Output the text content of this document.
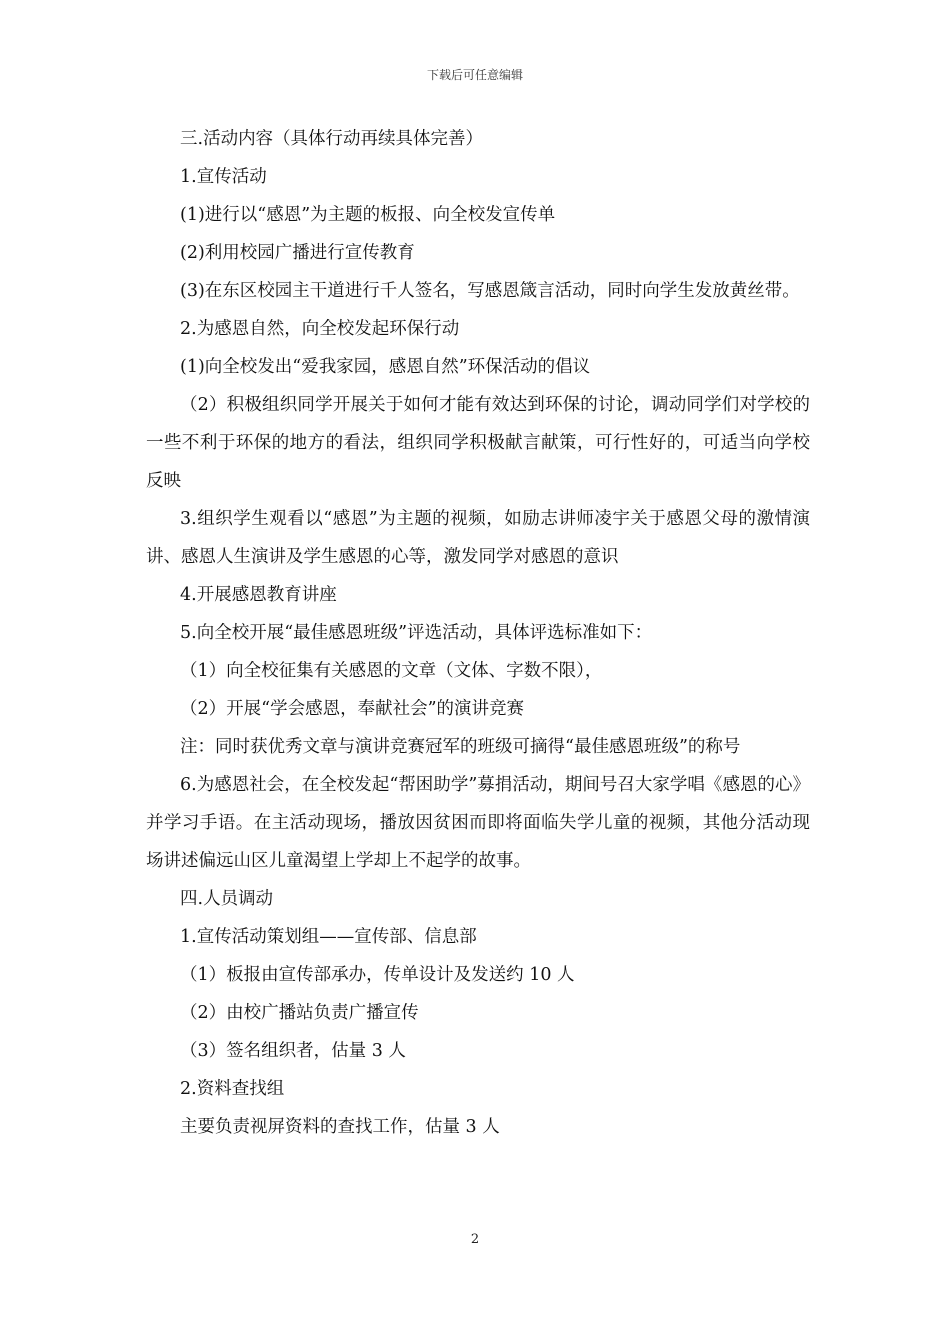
下载后可任意编辑

三.活动内容（具体行动再续具体完善）

1.宣传活动

(1)进行以“感恩”为主题的板报、向全校发宣传单

(2)利用校园广播进行宣传教育

(3)在东区校园主干道进行千人签名，写感恩箴言活动，同时向学生发放黄丝带。

2.为感恩自然，向全校发起环保行动

(1)向全校发出“爱我家园，感恩自然”环保活动的倡议

（2）积极组织同学开展关于如何才能有效达到环保的讨论，调动同学们对学校的一些不利于环保的地方的看法，组织同学积极献言献策，可行性好的，可适当向学校反映

3.组织学生观看以“感恩”为主题的视频，如励志讲师凌宇关于感恩父母的激情演讲、感恩人生演讲及学生感恩的心等，激发同学对感恩的意识

4.开展感恩教育讲座

5.向全校开展“最佳感恩班级”评选活动，具体评选标准如下：

（1）向全校征集有关感恩的文章（文体、字数不限），

（2）开展“学会感恩，奉献社会”的演讲竞赛

注：同时获优秀文章与演讲竞赛冠军的班级可摘得“最佳感恩班级”的称号

6.为感恩社会，在全校发起“帮困助学”募捐活动，期间号召大家学唱《感恩的心》并学习手语。在主活动现场，播放因贫困而即将面临失学儿童的视频，其他分活动现场讲述偏远山区儿童渴望上学却上不起学的故事。

四.人员调动

1.宣传活动策划组——宣传部、信息部

（1）板报由宣传部承办，传单设计及发送约 10 人

（2）由校广播站负责广播宣传

（3）签名组织者，估量 3 人

2.资料查找组

主要负责视屏资料的查找工作，估量 3 人

2
